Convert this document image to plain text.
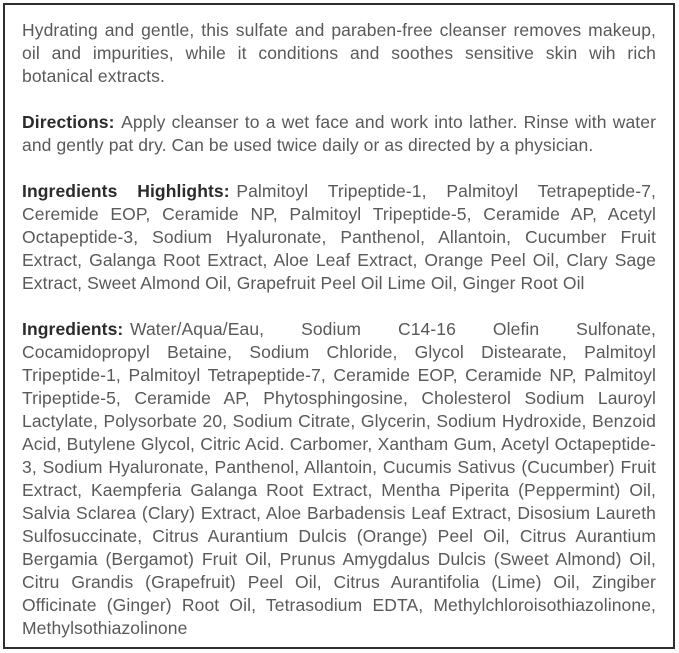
Hydrating and gentle, this sulfate and paraben-free cleanser removes makeup, oil and impurities, while it conditions and soothes sensitive skin wih rich botanical extracts.

Directions: Apply cleanser to a wet face and work into lather. Rinse with water and gently pat dry. Can be used twice daily or as directed by a physician.

Ingredients Highlights: Palmitoyl Tripeptide-1, Palmitoyl Tetrapeptide-7, Ceremide EOP, Ceramide NP, Palmitoyl Tripeptide-5, Ceramide AP, Acetyl Octapeptide-3, Sodium Hyaluronate, Panthenol, Allantoin, Cucumber Fruit Extract, Galanga Root Extract, Aloe Leaf Extract, Orange Peel Oil, Clary Sage Extract, Sweet Almond Oil, Grapefruit Peel Oil Lime Oil, Ginger Root Oil

Ingredients: Water/Aqua/Eau, Sodium C14-16 Olefin Sulfonate, Cocamidopropyl Betaine, Sodium Chloride, Glycol Distearate, Palmitoyl Tripeptide-1, Palmitoyl Tetrapeptide-7, Ceramide EOP, Ceramide NP, Palmitoyl Tripeptide-5, Ceramide AP, Phytosphingosine, Cholesterol Sodium Lauroyl Lactylate, Polysorbate 20, Sodium Citrate, Glycerin, Sodium Hydroxide, Benzoid Acid, Butylene Glycol, Citric Acid. Carbomer, Xantham Gum, Acetyl Octapeptide-3, Sodium Hyaluronate, Panthenol, Allantoin, Cucumis Sativus (Cucumber) Fruit Extract, Kaempferia Galanga Root Extract, Mentha Piperita (Peppermint) Oil, Salvia Sclarea (Clary) Extract, Aloe Barbadensis Leaf Extract, Disosium Laureth Sulfosuccinate, Citrus Aurantium Dulcis (Orange) Peel Oil, Citrus Aurantium Bergamia (Bergamot) Fruit Oil, Prunus Amygdalus Dulcis (Sweet Almond) Oil, Citru Grandis (Grapefruit) Peel Oil, Citrus Aurantifolia (Lime) Oil, Zingiber Officinate (Ginger) Root Oil, Tetrasodium EDTA, Methylchloroisothiazolinone, Methylsothiazolinone
